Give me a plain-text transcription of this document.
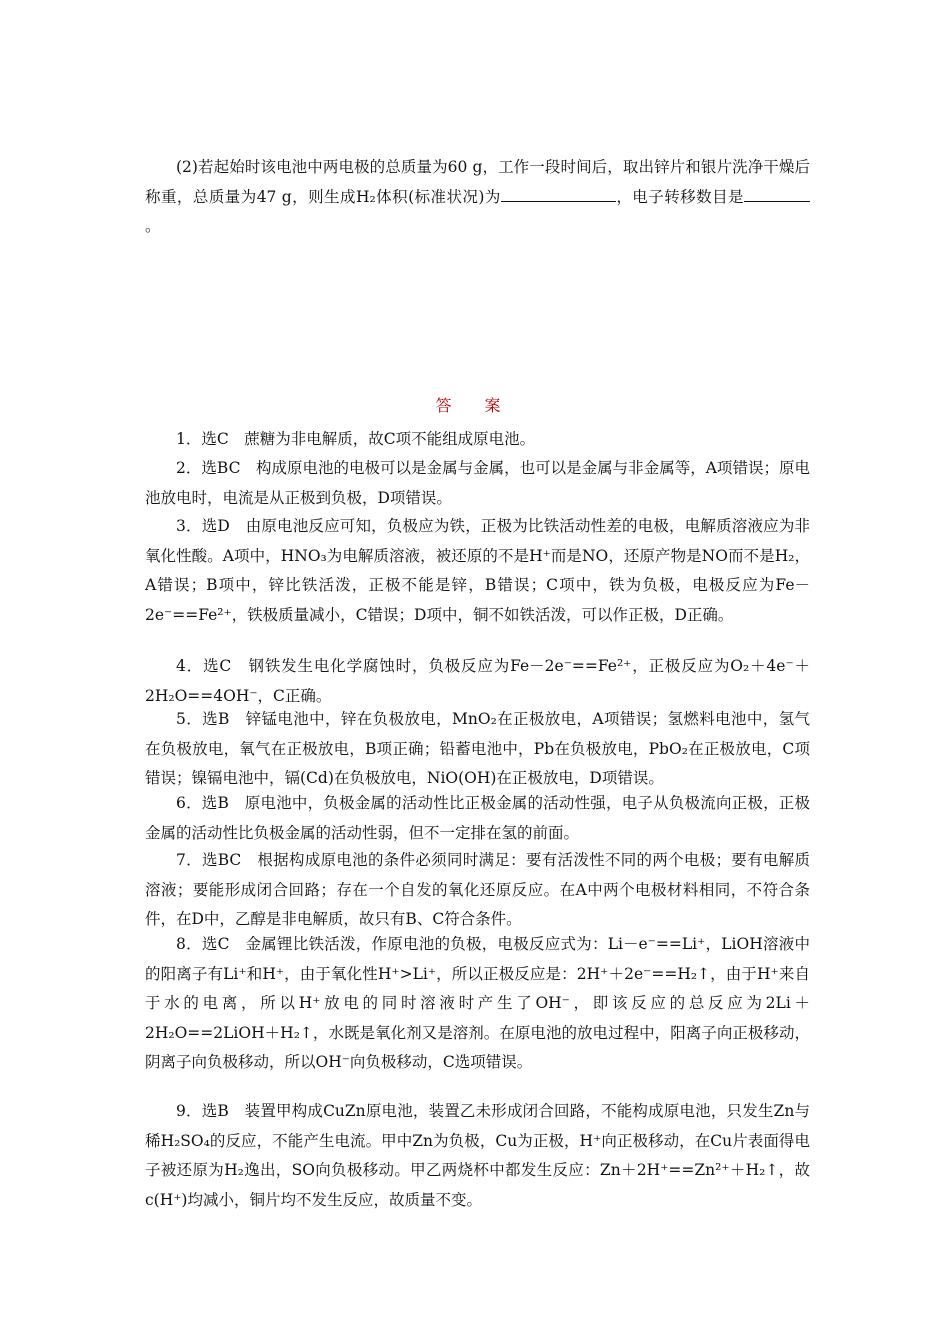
(2)若起始时该电池中两电极的总质量为60 g，工作一段时间后，取出锌片和银片洗净干燥后称重，总质量为47 g，则生成H₂体积(标准状况)为	，电子转移数目是。

答 案

1．选C　蔗糖为非电解质，故C项不能组成原电池。

2．选BC　构成原电池的电极可以是金属与金属，也可以是金属与非金属等，A项错误；原电池放电时，电流是从正极到负极，D项错误。

3．选D　由原电池反应可知，负极应为铁，正极为比铁活动性差的电极，电解质溶液应为非氧化性酸。A项中，HNO₃为电解质溶液，被还原的不是H⁺而是NO，还原产物是NO而不是H₂，A错误；B项中，锌比铁活泼，正极不能是锌，B错误；C项中，铁为负极，电极反应为Fe－2e⁻==Fe²⁺，铁极质量减小，C错误；D项中，铜不如铁活泼，可以作正极，D正确。

4．选C　钢铁发生电化学腐蚀时，负极反应为Fe－2e⁻==Fe²⁺，正极反应为O₂＋4e⁻＋2H₂O==4OH⁻，C正确。

5．选B　锌锰电池中，锌在负极放电，MnO₂在正极放电，A项错误；氢燃料电池中，氢气在负极放电，氧气在正极放电，B项正确；铅蓄电池中，Pb在负极放电，PbO₂在正极放电，C项错误；镍镉电池中，镉(Cd)在负极放电，NiO(OH)在正极放电，D项错误。

6．选B　原电池中，负极金属的活动性比正极金属的活动性强，电子从负极流向正极，正极金属的活动性比负极金属的活动性弱，但不一定排在氢的前面。

7．选BC　根据构成原电池的条件必须同时满足：要有活泼性不同的两个电极；要有电解质溶液；要能形成闭合回路；存在一个自发的氧化还原反应。在A中两个电极材料相同，不符合条件，在D中，乙醇是非电解质，故只有B、C符合条件。

8．选C　金属锂比铁活泼，作原电池的负极，电极反应式为：Li－e⁻==Li⁺，LiOH溶液中的阳离子有Li⁺和H⁺，由于氧化性H⁺>Li⁺，所以正极反应是：2H⁺＋2e⁻==H₂↑，由于H⁺来自于水的电离，所以H⁺放电的同时溶液时产生了OH⁻，即该反应的总反应为2Li＋2H₂O==2LiOH＋H₂↑，水既是氧化剂又是溶剂。在原电池的放电过程中，阳离子向正极移动，阴离子向负极移动，所以OH⁻向负极移动，C选项错误。

9．选B　装置甲构成CuZn原电池，装置乙未形成闭合回路，不能构成原电池，只发生Zn与稀H₂SO₄的反应，不能产生电流。甲中Zn为负极，Cu为正极，H⁺向正极移动，在Cu片表面得电子被还原为H₂逸出，SO向负极移动。甲乙两烧杯中都发生反应：Zn＋2H⁺==Zn²⁺＋H₂↑，故c(H⁺)均减小，铜片均不发生反应，故质量不变。
